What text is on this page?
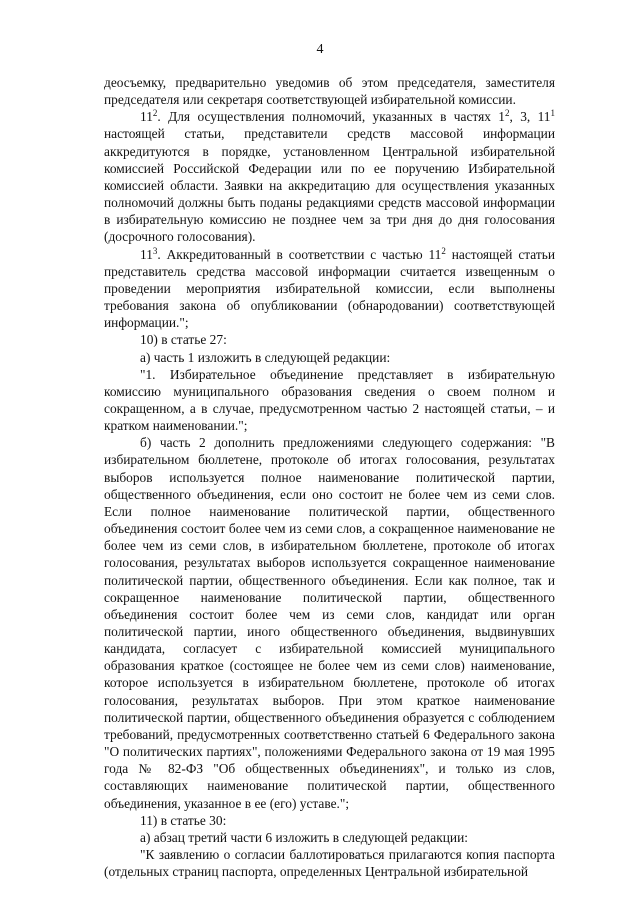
4

деосъемку, предварительно уведомив об этом председателя, заместителя председателя или секретаря соответствующей избирательной комиссии.

$11^2$. Для осуществления полномочий, указанных в частях $1^2$, 3, $11^1$ настоящей статьи, представители средств массовой информации аккредитуются в порядке, установленном Центральной избирательной комиссией Российской Федерации или по ее поручению Избирательной комиссией области. Заявки на аккредитацию для осуществления указанных полномочий должны быть поданы редакциями средств массовой информации в избирательную комиссию не позднее чем за три дня до дня голосования (досрочного голосования).

$11^3$. Аккредитованный в соответствии с частью $11^2$ настоящей статьи представитель средства массовой информации считается извещенным о проведении мероприятия избирательной комиссии, если выполнены требования закона об опубликовании (обнародовании) соответствующей информации.";

10) в статье 27:

а) часть 1 изложить в следующей редакции:

"1. Избирательное объединение представляет в избирательную комиссию муниципального образования сведения о своем полном и сокращенном, а в случае, предусмотренном частью 2 настоящей статьи, – и кратком наименовании.";

б) часть 2 дополнить предложениями следующего содержания: "В избирательном бюллетене, протоколе об итогах голосования, результатах выборов используется полное наименование политической партии, общественного объединения, если оно состоит не более чем из семи слов. Если полное наименование политической партии, общественного объединения состоит более чем из семи слов, а сокращенное наименование не более чем из семи слов, в избирательном бюллетене, протоколе об итогах голосования, результатах выборов используется сокращенное наименование политической партии, общественного объединения. Если как полное, так и сокращенное наименование политической партии, общественного объединения состоит более чем из семи слов, кандидат или орган политической партии, иного общественного объединения, выдвинувших кандидата, согласует с избирательной комиссией муниципального образования краткое (состоящее не более чем из семи слов) наименование, которое используется в избирательном бюллетене, протоколе об итогах голосования, результатах выборов. При этом краткое наименование политической партии, общественного объединения образуется с соблюдением требований, предусмотренных соответственно статьей 6 Федерального закона "О политических партиях", положениями Федерального закона от 19 мая 1995 года № 82-ФЗ "Об общественных объединениях", и только из слов, составляющих наименование политической партии, общественного объединения, указанное в ее (его) уставе.";

11) в статье 30:

а) абзац третий части 6 изложить в следующей редакции:

"К заявлению о согласии баллотироваться прилагаются копия паспорта (отдельных страниц паспорта, определенных Центральной избирательной
